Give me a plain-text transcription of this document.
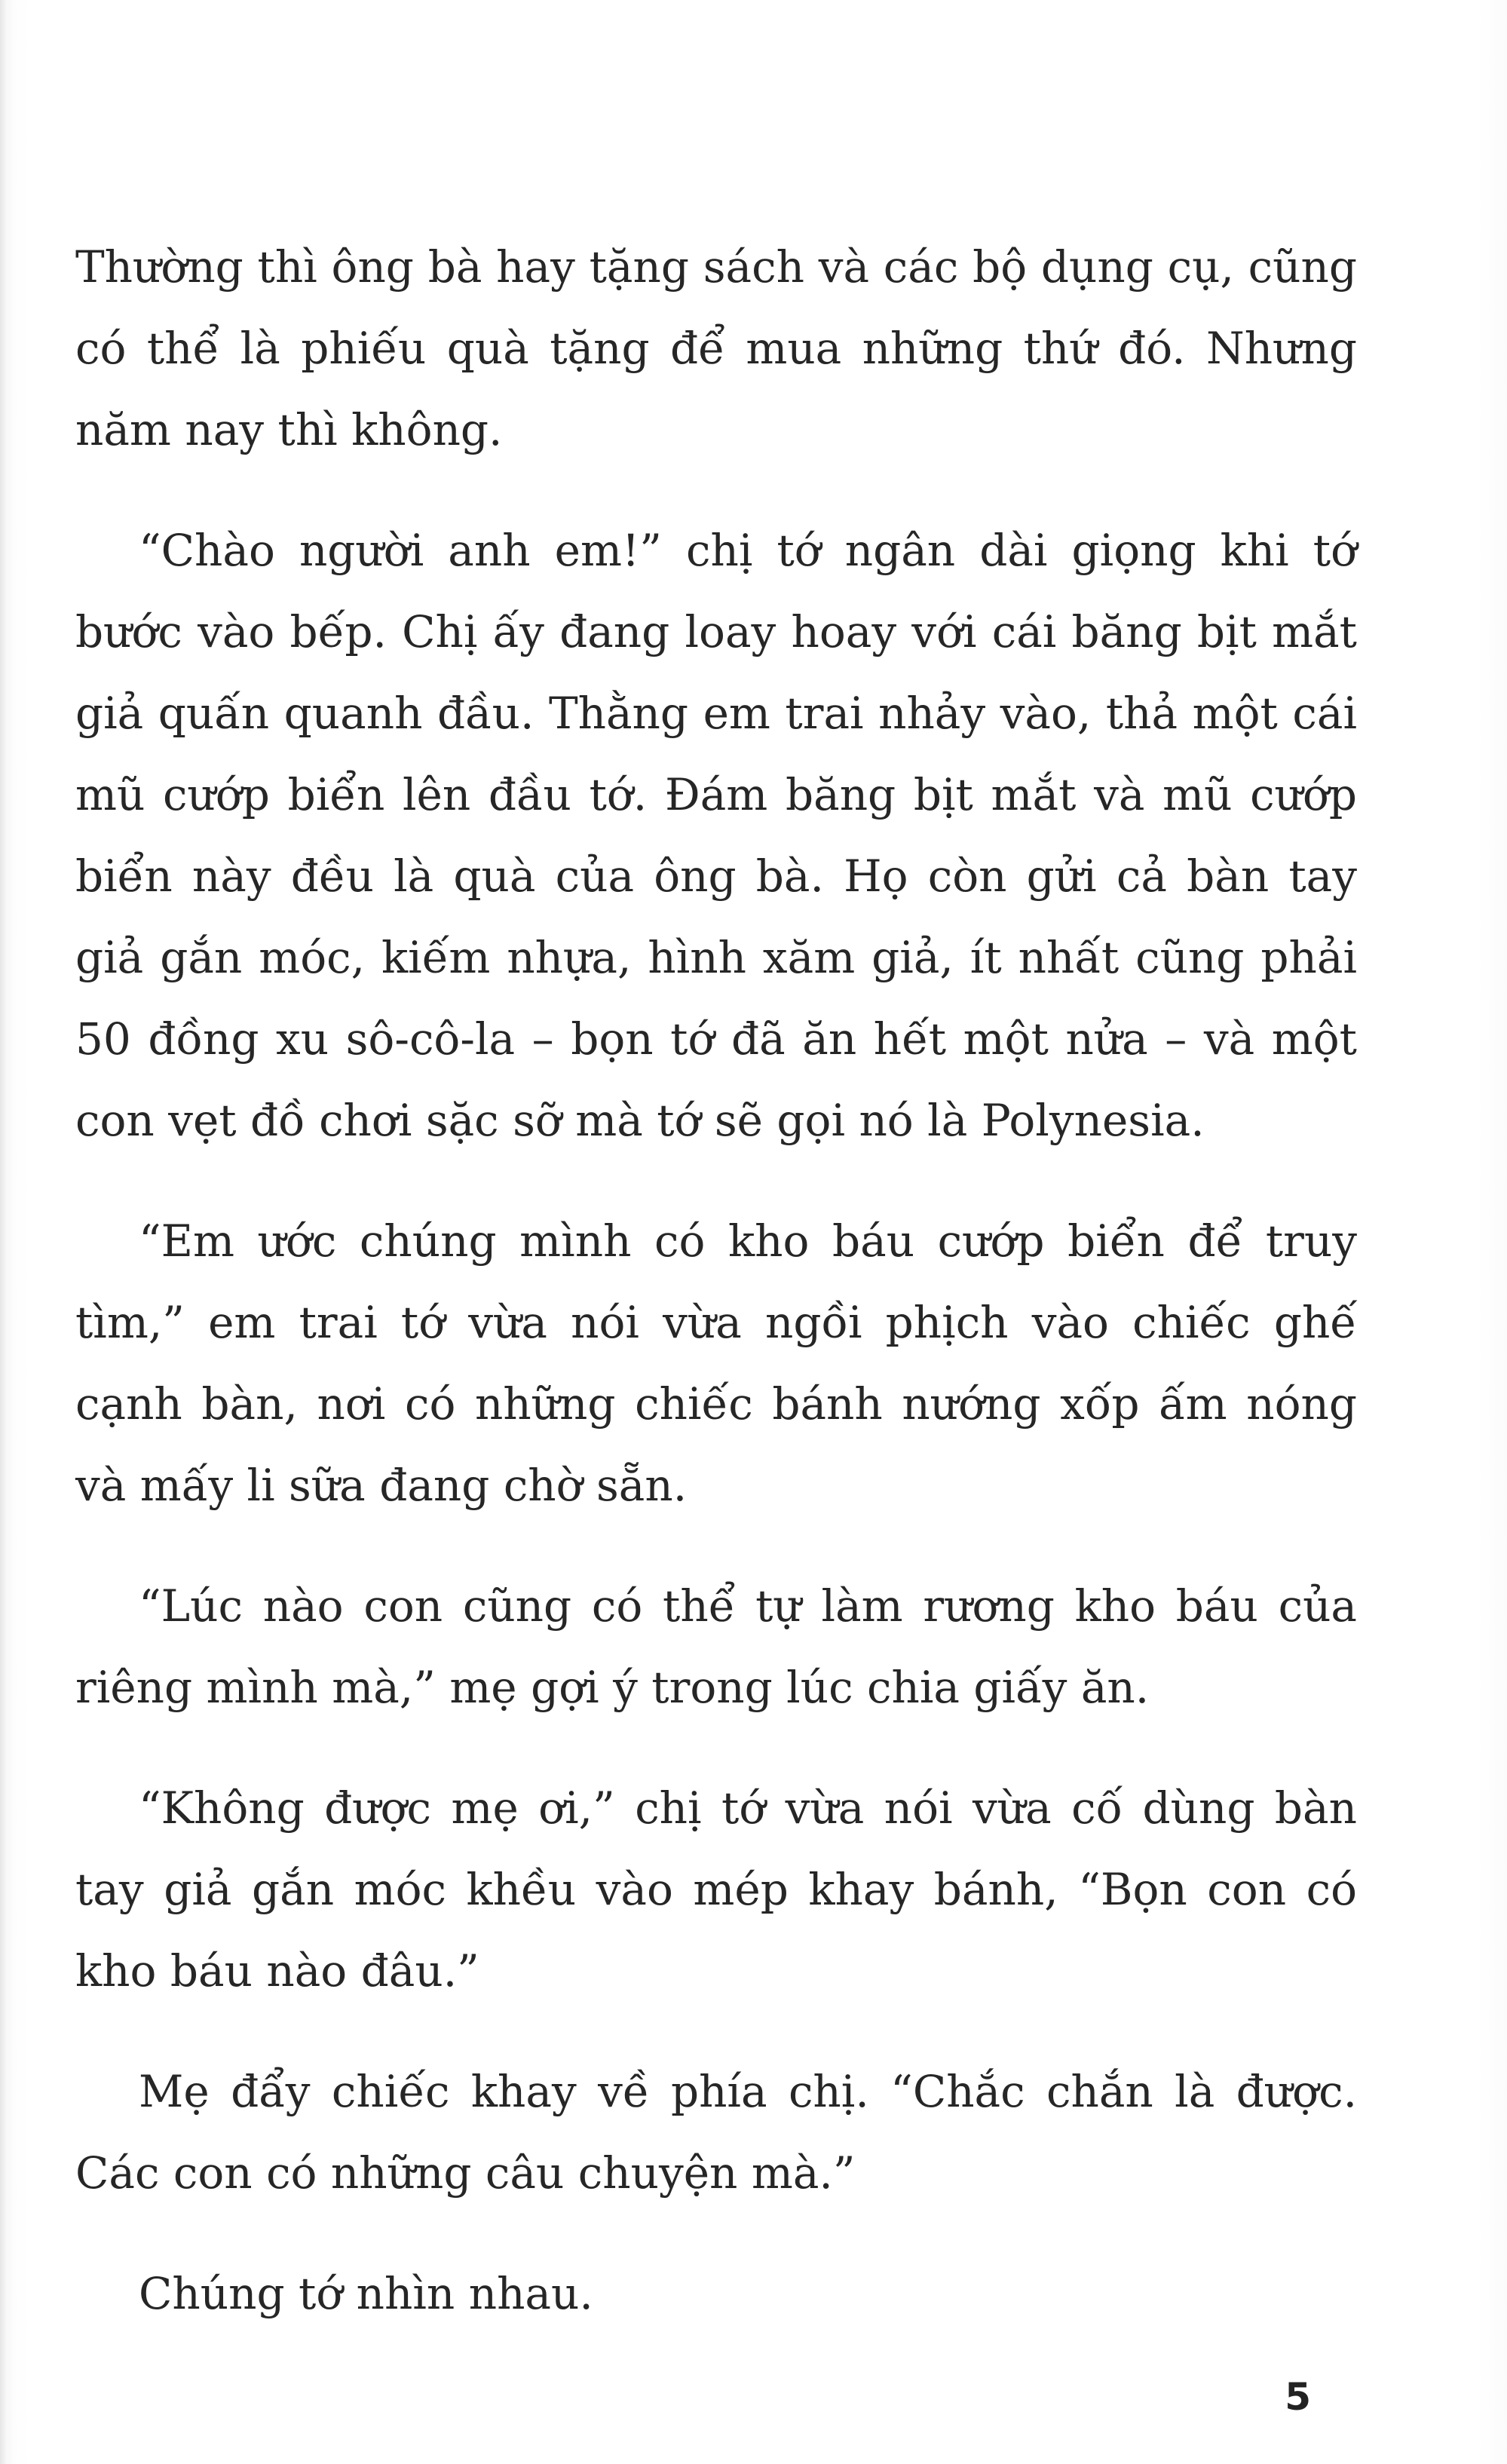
Thường thì ông bà hay tặng sách và các bộ dụng cụ, cũng có thể là phiếu quà tặng để mua những thứ đó. Nhưng năm nay thì không.

“Chào người anh em!” chị tớ ngân dài giọng khi tớ bước vào bếp. Chị ấy đang loay hoay với cái băng bịt mắt giả quấn quanh đầu. Thằng em trai nhảy vào, thả một cái mũ cướp biển lên đầu tớ. Đám băng bịt mắt và mũ cướp biển này đều là quà của ông bà. Họ còn gửi cả bàn tay giả gắn móc, kiếm nhựa, hình xăm giả, ít nhất cũng phải 50 đồng xu sô-cô-la – bọn tớ đã ăn hết một nửa – và một con vẹt đồ chơi sặc sỡ mà tớ sẽ gọi nó là Polynesia.

“Em ước chúng mình có kho báu cướp biển để truy tìm,” em trai tớ vừa nói vừa ngồi phịch vào chiếc ghế cạnh bàn, nơi có những chiếc bánh nướng xốp ấm nóng và mấy li sữa đang chờ sẵn.

“Lúc nào con cũng có thể tự làm rương kho báu của riêng mình mà,” mẹ gợi ý trong lúc chia giấy ăn.

“Không được mẹ ơi,” chị tớ vừa nói vừa cố dùng bàn tay giả gắn móc khều vào mép khay bánh, “Bọn con có kho báu nào đâu.”

Mẹ đẩy chiếc khay về phía chị. “Chắc chắn là được. Các con có những câu chuyện mà.”

Chúng tớ nhìn nhau.

5
